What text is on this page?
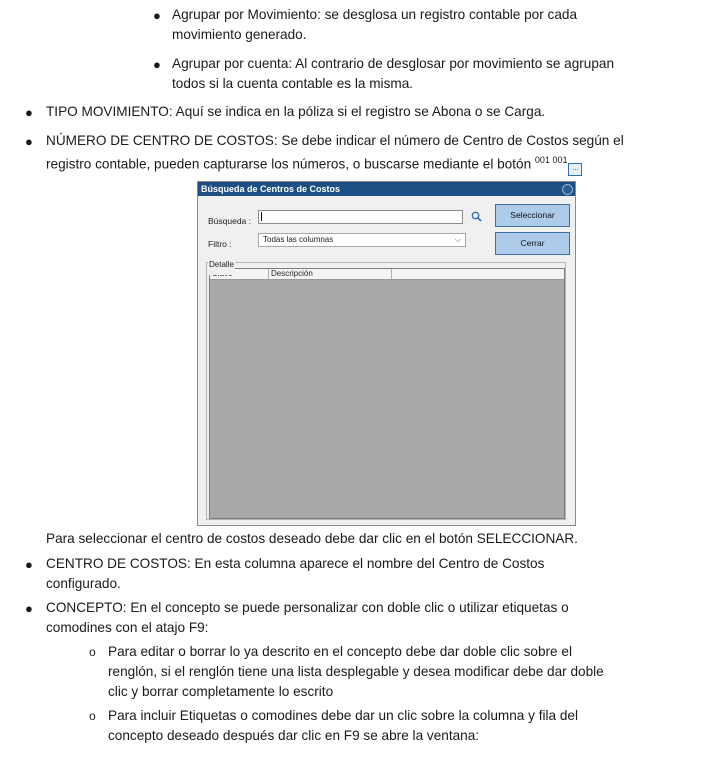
● Agrupar por Movimiento: se desglosa un registro contable por cada
movimiento generado.
● Agrupar por cuenta: Al contrario de desglosar por movimiento se agrupan
todos si la cuenta contable es la misma.
● TIPO MOVIMIENTO: Aquí se indica en la póliza si el registro se Abona o se Carga.
● NÚMERO DE CENTRO DE COSTOS: Se debe indicar el número de Centro de Costos según el
registro contable, pueden capturarse los números, o buscarse mediante el botón $^{001 001}$...
Búsqueda de Centros de Costos
Búsqueda :
Filtro :	Todas las columnas	⌵
Seleccionar
Cerrar
Descripción
Detalle
Para seleccionar el centro de costos deseado debe dar clic en el botón SELECCIONAR.
● CENTRO DE COSTOS: En esta columna aparece el nombre del Centro de Costos
configurado.
● CONCEPTO: En el concepto se puede personalizar con doble clic o utilizar etiquetas o
comodines con el atajo F9:
o Para editar o borrar lo ya descrito en el concepto debe dar doble clic sobre el
renglón, si el renglón tiene una lista desplegable y desea modificar debe dar doble
clic y borrar completamente lo escrito
o Para incluir Etiquetas o comodines debe dar un clic sobre la columna y fila del
concepto deseado después dar clic en F9 se abre la ventana:
